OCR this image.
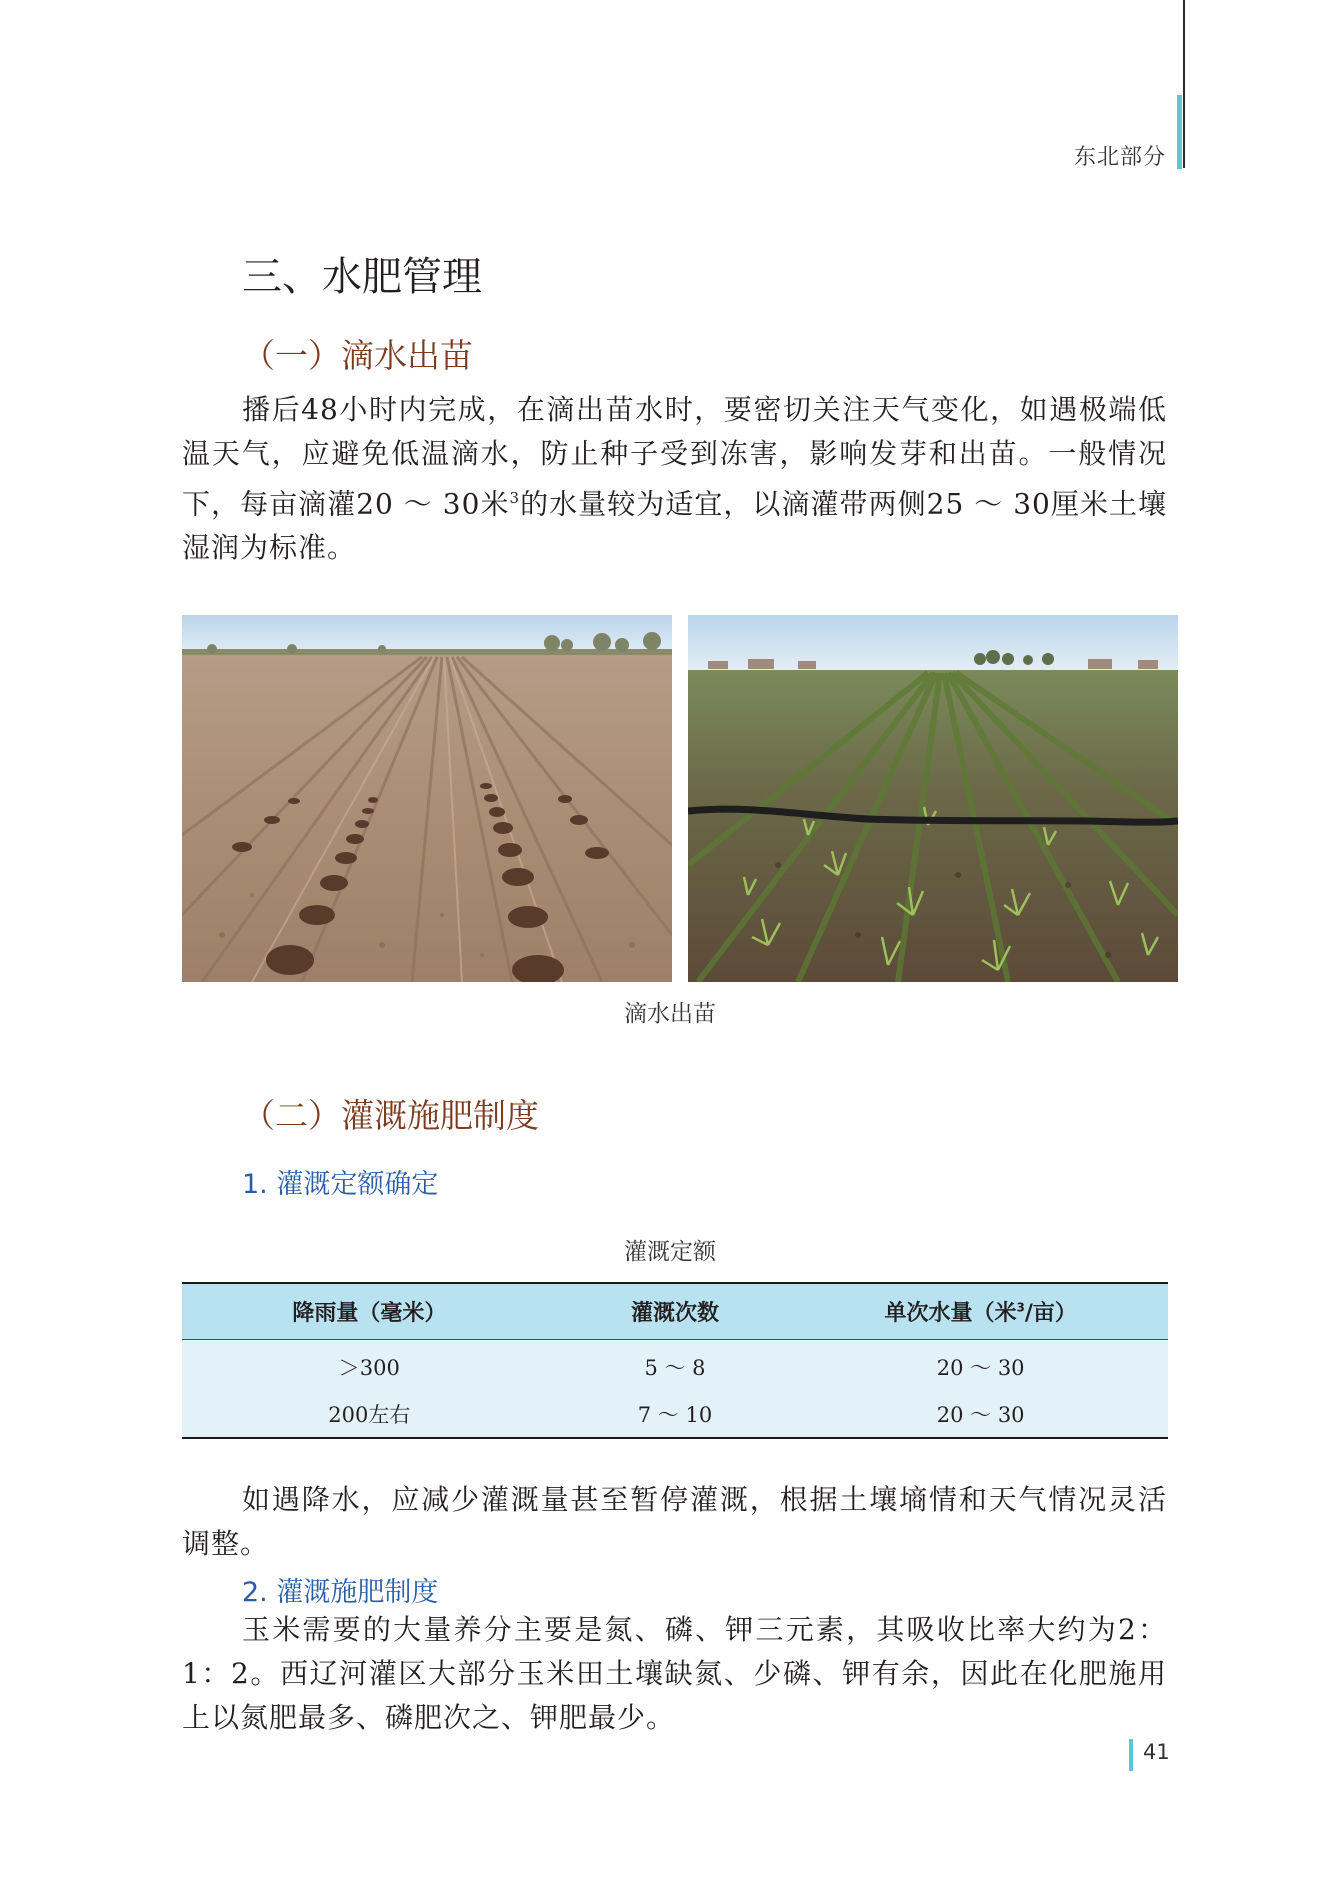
东北部分
三、水肥管理
（一）滴水出苗

播后48小时内完成，在滴出苗水时，要密切关注天气变化，如遇极端低温天气，应避免低温滴水，防止种子受到冻害，影响发芽和出苗。一般情况下，每亩滴灌20 ～ 30米$^3$的水量较为适宜，以滴灌带两侧25 ～ 30厘米土壤湿润为标准。

滴水出苗
（二）灌溉施肥制度
1. 灌溉定额确定
灌溉定额
降雨量（毫米）	灌溉次数	单次水量（米$^3$/亩）
＞300	5 ～ 8	20 ～ 30
200左右	7 ～ 10	20 ～ 30

如遇降水，应减少灌溉量甚至暂停灌溉，根据土壤墒情和天气情况灵活调整。

2. 灌溉施肥制度

玉米需要的大量养分主要是氮、磷、钾三元素，其吸收比率大约为2：1：2。西辽河灌区大部分玉米田土壤缺氮、少磷、钾有余，因此在化肥施用上以氮肥最多、磷肥次之、钾肥最少。

41
